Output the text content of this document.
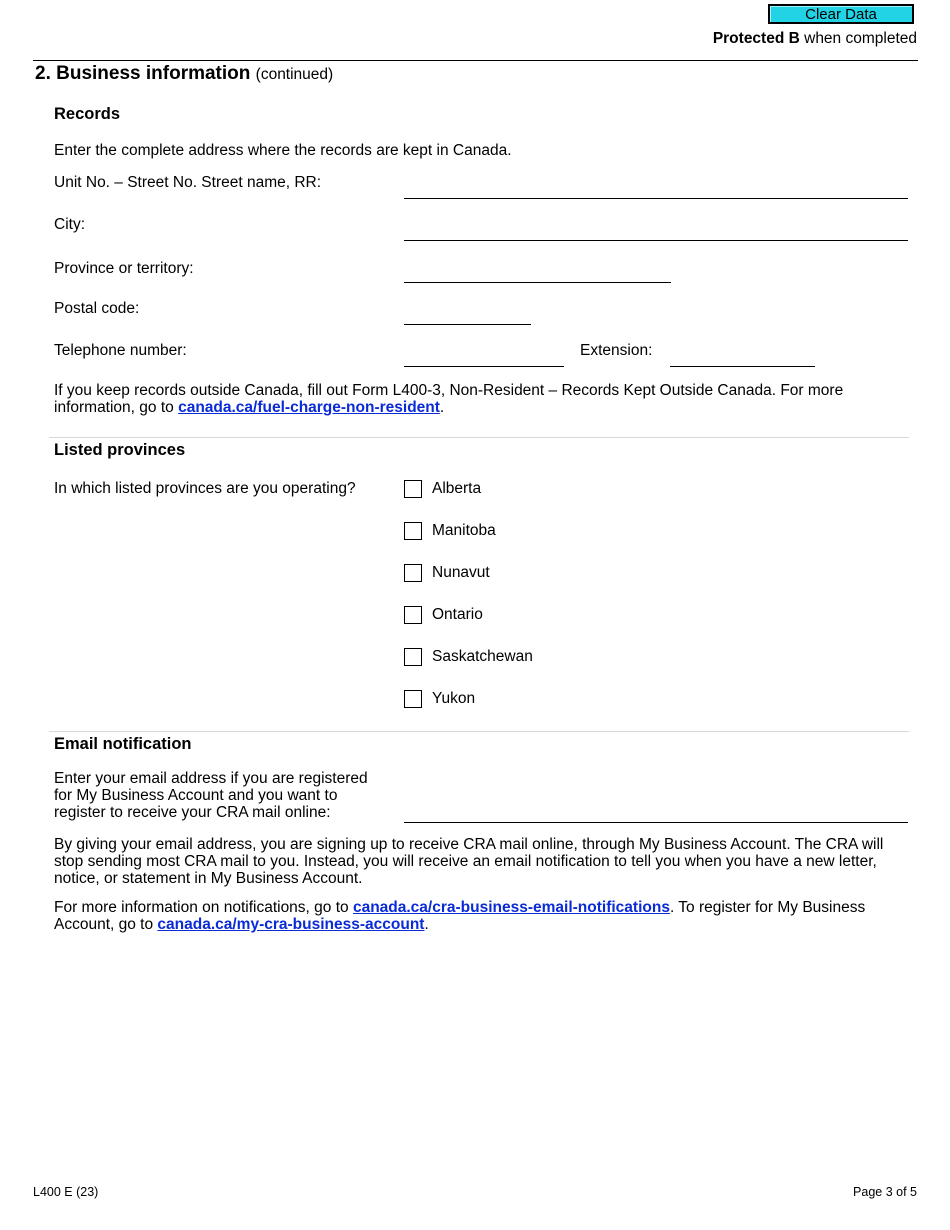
Clear Data
Protected B when completed
2. Business information (continued)
Records
Enter the complete address where the records are kept in Canada.
Unit No. – Street No. Street name, RR:
City:
Province or territory:
Postal code:
Telephone number:	Extension:
If you keep records outside Canada, fill out Form L400-3, Non-Resident – Records Kept Outside Canada. For more information, go to canada.ca/fuel-charge-non-resident.
Listed provinces
In which listed provinces are you operating?	Alberta
Manitoba
Nunavut
Ontario
Saskatchewan
Yukon
Email notification
Enter your email address if you are registered
for My Business Account and you want to
register to receive your CRA mail online:
By giving your email address, you are signing up to receive CRA mail online, through My Business Account. The CRA will stop sending most CRA mail to you. Instead, you will receive an email notification to tell you when you have a new letter, notice, or statement in My Business Account.
For more information on notifications, go to canada.ca/cra-business-email-notifications. To register for My Business Account, go to canada.ca/my-cra-business-account.
L400 E (23)	Page 3 of 5
